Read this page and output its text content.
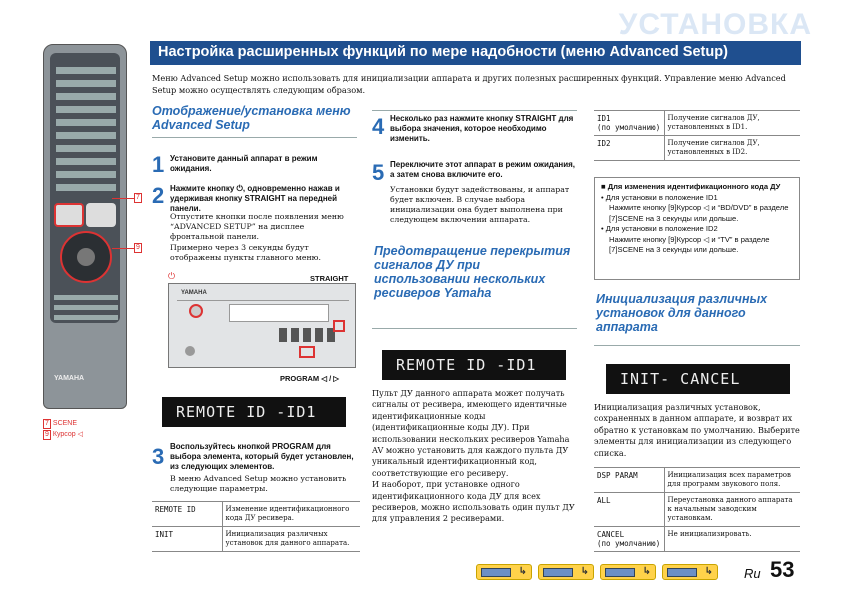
УСТАНОВКА
Настройка расширенных функций по мере надобности (меню Advanced Setup)
Меню Advanced Setup можно использовать для инициализации аппарата и других полезных расширенных функций. Управление меню Advanced Setup можно осуществлять следующим образом.
YAMAHA
7
9
7 SCENE
9 Курсор ◁
Отображение/установка меню Advanced Setup
1 Установите данный аппарат в режим ожидания.
2 Нажмите кнопку ⏻, одновременно нажав и удерживая кнопку STRAIGHT на передней панели.
Отпустите кнопки после появления меню “ADVANCED SETUP” на дисплее фронтальной панели.
Примерно через 3 секунды будут отображены пункты главного меню.
YAMAHA
⏻	STRAIGHT
PROGRAM ◁ / ▷
REMOTE ID -ID1
3 Воспользуйтесь кнопкой PROGRAM для выбора элемента, который будет установлен, из следующих элементов.
В меню Advanced Setup можно установить следующие параметры.
REMOTE ID	Изменение идентификационного кода ДУ ресивера.
INIT	Инициализация различных установок для данного аппарата.
4 Несколько раз нажмите кнопку STRAIGHT для выбора значения, которое необходимо изменить.
5 Переключите этот аппарат в режим ожидания, а затем снова включите его.
Установки будут задействованы, и аппарат будет включен. В случае выбора инициализации она будет выполнена при следующем включении аппарата.
Предотвращение перекрытия сигналов ДУ при использовании нескольких ресиверов Yamaha
REMOTE ID -ID1
Пульт ДУ данного аппарата может получать сигналы от ресивера, имеющего идентичные идентификационные коды (идентификационные коды ДУ). При использовании нескольких ресиверов Yamaha AV можно установить для каждого пульта ДУ уникальный идентификационный код, соответствующие его ресиверу.
И наоборот, при установке одного идентификационного кода ДУ для всех ресиверов, можно использовать один пульт ДУ для управления 2 ресиверами.
ID1
(по умолчанию)	Получение сигналов ДУ, установленных в ID1.
ID2	Получение сигналов ДУ, установленных в ID2.
■ Для изменения идентификационного кода ДУ
• Для установки в положение ID1
Нажмите кнопку [9]Курсор ◁ и “BD/DVD” в разделе [7]SCENE на 3 секунды или дольше.
• Для установки в положение ID2
Нажмите кнопку [9]Курсор ◁ и “TV” в разделе [7]SCENE на 3 секунды или дольше.
Инициализация различных установок для данного аппарата
INIT- CANCEL
Инициализация различных установок, сохраненных в данном аппарате, и возврат их обратно к установкам по умолчанию. Выберите элементы для инициализации из следующего списка.
DSP PARAM	Инициализация всех параметров для программ звукового поля.
ALL	Переустановка данного аппарата к начальным заводским установкам.
CANCEL
(по умолчанию)	Не инициализировать.
↳	↳	↳	↳ Ru 53
